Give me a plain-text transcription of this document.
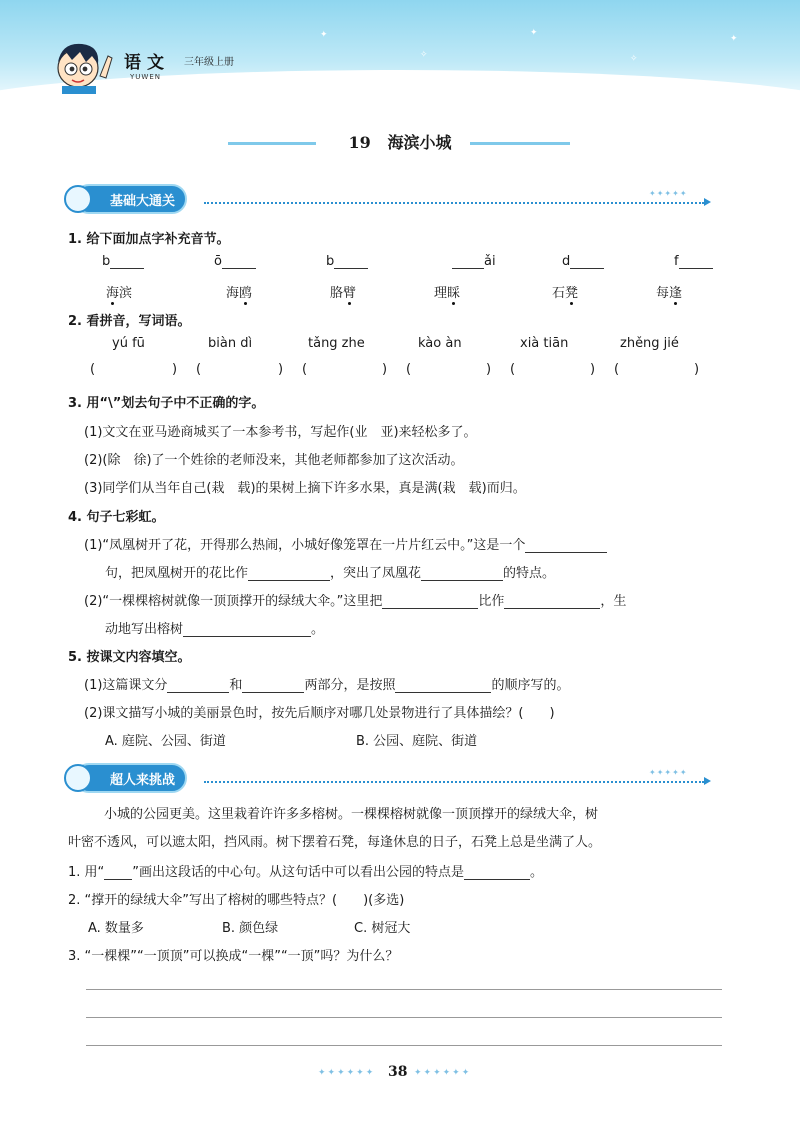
✦
✧
✦
✧
✦
语文
YUWEN
三年级上册
19 海滨小城
基础大通关	✦✦✦✦✦
1. 给下面加点字补充音节。
b	ō	b	ǎi	d	f
海滨	海鸥	胳臂	理睬	石凳	每逢
2. 看拼音，写词语。
yú fū	biàn dì	tǎng zhe	kào àn	xià tiān	zhěng jié
(	) (	) (	) (	) (	) (	)
3. 用“\”划去句子中不正确的字。
(1)文文在亚马逊商城买了一本参考书，写起作(业　亚)来轻松多了。
(2)(除　徐)了一个姓徐的老师没来，其他老师都参加了这次活动。
(3)同学们从当年自己(栽　载)的果树上摘下许多水果，真是满(栽　载)而归。
4. 句子七彩虹。
(1)“凤凰树开了花，开得那么热闹，小城好像笼罩在一片片红云中。”这是一个
句，把凤凰树开的花比作	，突出了凤凰花	的特点。
(2)“一棵棵榕树就像一顶顶撑开的绿绒大伞。”这里把	比作	，生
动地写出榕树	。
5. 按课文内容填空。
(1)这篇课文分	和	两部分，是按照	的顺序写的。
(2)课文描写小城的美丽景色时，按先后顺序对哪几处景物进行了具体描绘？(　　)
A. 庭院、公园、街道	B. 公园、庭院、街道
超人来挑战	✦✦✦✦✦
小城的公园更美。这里栽着许许多多榕树。一棵棵榕树就像一顶顶撑开的绿绒大伞，树
叶密不透风，可以遮太阳，挡风雨。树下摆着石凳，每逢休息的日子，石凳上总是坐满了人。
1. 用“ ”画出这段话的中心句。从这句话中可以看出公园的特点是	。
2. “撑开的绿绒大伞”写出了榕树的哪些特点？(　　)(多选)
A. 数量多	B. 颜色绿	C. 树冠大
3. “一棵棵”“一顶顶”可以换成“一棵”“一顶”吗？为什么？
✦✦✦✦✦✦ 38 ✦✦✦✦✦✦
